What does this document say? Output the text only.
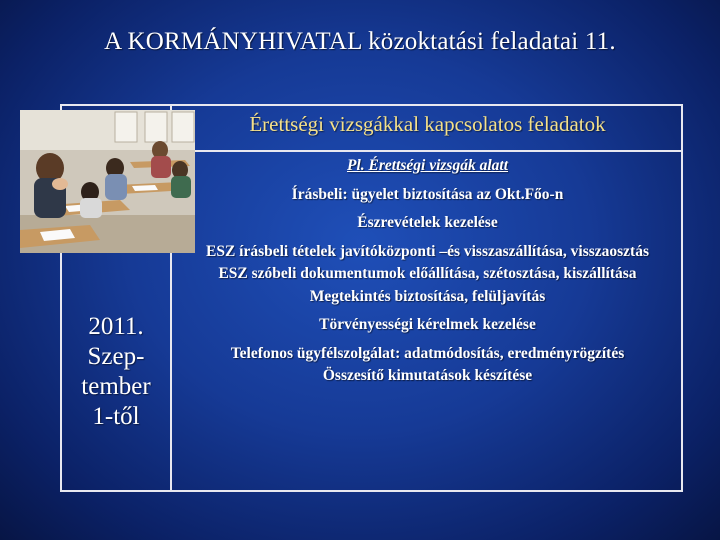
A KORMÁNYHIVATAL közoktatási feladatai 11.
Érettségi vizsgákkal kapcsolatos feladatok
2011.
Szep-
tember
1-től
Pl. Érettségi vizsgák alatt
Írásbeli: ügyelet biztosítása az Okt.Főo-n
Észrevételek kezelése
ESZ írásbeli tételek javítóközponti –és visszaszállítása, visszaosztás
ESZ szóbeli dokumentumok előállítása, szétosztása, kiszállítása
Megtekintés biztosítása, felüljavítás
Törvényességi kérelmek kezelése
Telefonos ügyfélszolgálat: adatmódosítás, eredményrögzítés
Összesítő kimutatások készítése
